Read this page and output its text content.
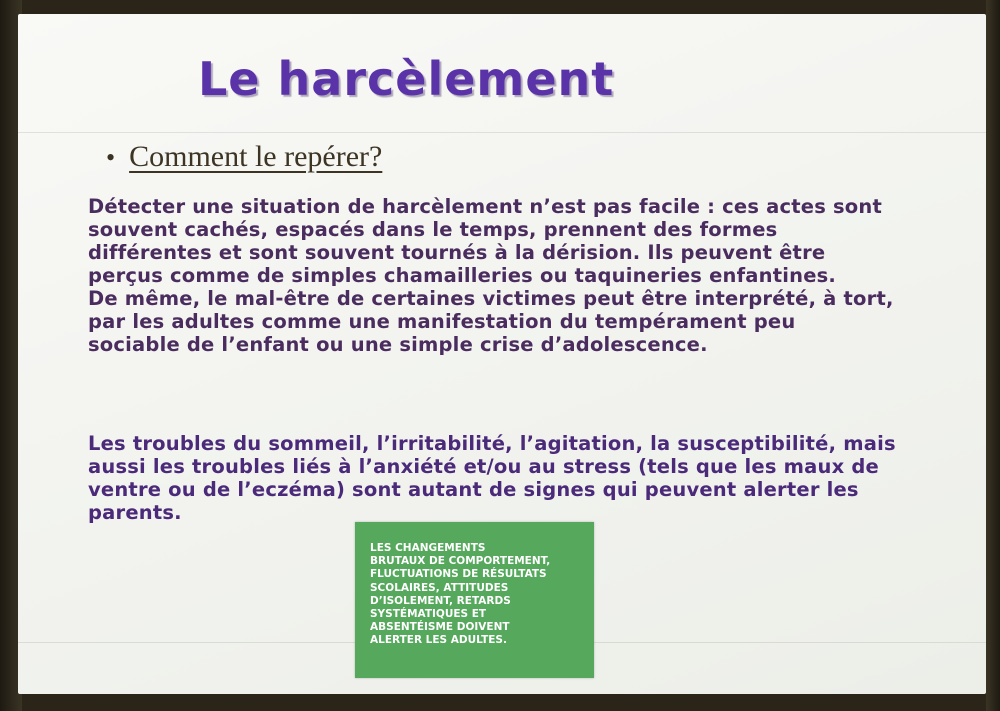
Le harcèlement
• Comment le repérer?

Détecter une situation de harcèlement n’est pas facile : ces actes sont
souvent cachés, espacés dans le temps, prennent des formes
différentes et sont souvent tournés à la dérision. Ils peuvent être
perçus comme de simples chamailleries ou taquineries enfantines.
De même, le mal-être de certaines victimes peut être interprété, à tort,
par les adultes comme une manifestation du tempérament peu
sociable de l’enfant ou une simple crise d’adolescence.

Les troubles du sommeil, l’irritabilité, l’agitation, la susceptibilité, mais
aussi les troubles liés à l’anxiété et/ou au stress (tels que les maux de
ventre ou de l’eczéma) sont autant de signes qui peuvent alerter les
parents.

LES CHANGEMENTS
BRUTAUX DE COMPORTEMENT,
FLUCTUATIONS DE RÉSULTATS
SCOLAIRES, ATTITUDES
D’ISOLEMENT, RETARDS
SYSTÉMATIQUES ET
ABSENTÉISME DOIVENT
ALERTER LES ADULTES.
